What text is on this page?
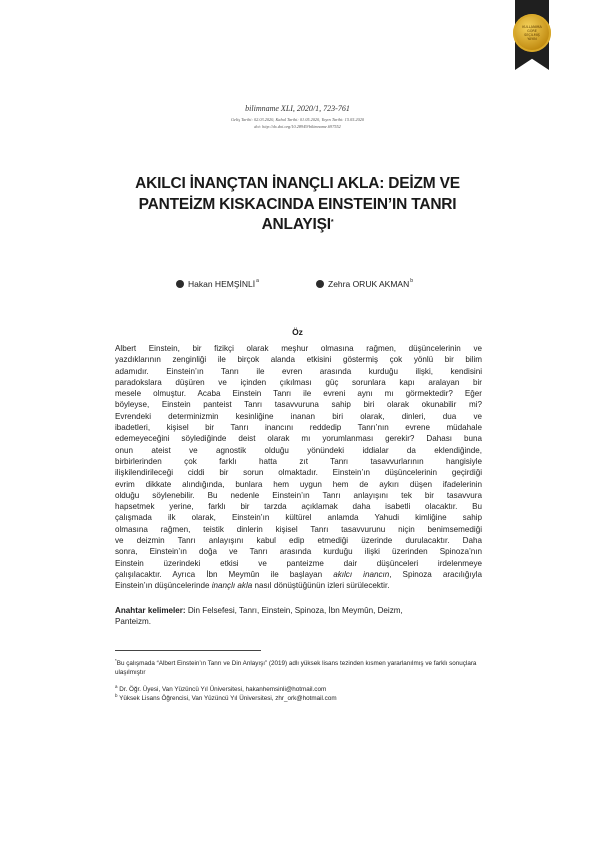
KULLANIMA
GÖRE
SEÇİLMİŞ
YAYIN
bilimname XLI, 2020/1, 723-761
Geliş Tarihi: 02.03.2020, Kabul Tarihi: 01.05.2020, Yayın Tarihi: 15.05.2020
doi: http://dx.doi.org/10.28949/bilimname.697552
AKILCI İNANÇTAN İNANÇLI AKLA: DEİZM VE
PANTEİZM KISKACINDA EINSTEIN’IN TANRI
ANLAYIŞI*
Hakan HEMŞİNLİ$^a$	Zehra ORUK AKMAN$^b$
Öz
Albert Einstein, bir fizikçi olarak meşhur olmasına rağmen, düşüncelerinin ve
yazdıklarının zenginliği ile birçok alanda etkisini göstermiş çok yönlü bir bilim
adamıdır. Einstein’ın Tanrı ile evren arasında kurduğu ilişki, kendisini
paradokslara düşüren ve içinden çıkılması güç sorunlara kapı aralayan bir
mesele olmuştur. Acaba Einstein Tanrı ile evreni aynı mı görmektedir? Eğer
böyleyse, Einstein panteist Tanrı tasavvuruna sahip biri olarak okunabilir mi?
Evrendeki determinizmin kesinliğine inanan biri olarak, dinleri, dua ve
ibadetleri, kişisel bir Tanrı inancını reddedip Tanrı’nın evrene müdahale
edemeyeceğini söylediğinde deist olarak mı yorumlanması gerekir? Dahası buna
onun ateist ve agnostik olduğu yönündeki iddialar da eklendiğinde,
birbirlerinden çok farklı hatta zıt Tanrı tasavvurlarının hangisiyle
ilişkilendirileceği ciddi bir sorun olmaktadır. Einstein’ın düşüncelerinin geçirdiği
evrim dikkate alındığında, bunlara hem uygun hem de aykırı düşen ifadelerinin
olduğu söylenebilir. Bu nedenle Einstein’ın Tanrı anlayışını tek bir tasavvura
hapsetmek yerine, farklı bir tarzda açıklamak daha isabetli olacaktır. Bu
çalışmada ilk olarak, Einstein’ın kültürel anlamda Yahudi kimliğine sahip
olmasına rağmen, teistik dinlerin kişisel Tanrı tasavvurunu niçin benimsemediği
ve deizmin Tanrı anlayışını kabul edip etmediği üzerinde durulacaktır. Daha
sonra, Einstein’ın doğa ve Tanrı arasında kurduğu ilişki üzerinden Spinoza’nın
Einstein üzerindeki etkisi ve panteizme dair düşünceleri irdelenmeye
çalışılacaktır. Ayrıca İbn Meymûn ile başlayan akılcı inancın, Spinoza aracılığıyla
Einstein’ın düşüncelerinde inançlı akla nasıl dönüştüğünün izleri sürülecektir.
Anahtar kelimeler: Din Felsefesi, Tanrı, Einstein, Spinoza, İbn Meymûn, Deizm,
Panteizm.
*Bu çalışmada “Albert Einstein’ın Tanrı ve Din Anlayışı” (2019) adlı yüksek lisans tezinden kısmen yararlanılmış ve farklı sonuçlara ulaşılmıştır
$^a$ Dr. Öğr. Üyesi, Van Yüzüncü Yıl Üniversitesi, hakanhemsinli@hotmail.com
$^b$ Yüksek Lisans Öğrencisi, Van Yüzüncü Yıl Üniversitesi, zhr_ork@hotmail.com
